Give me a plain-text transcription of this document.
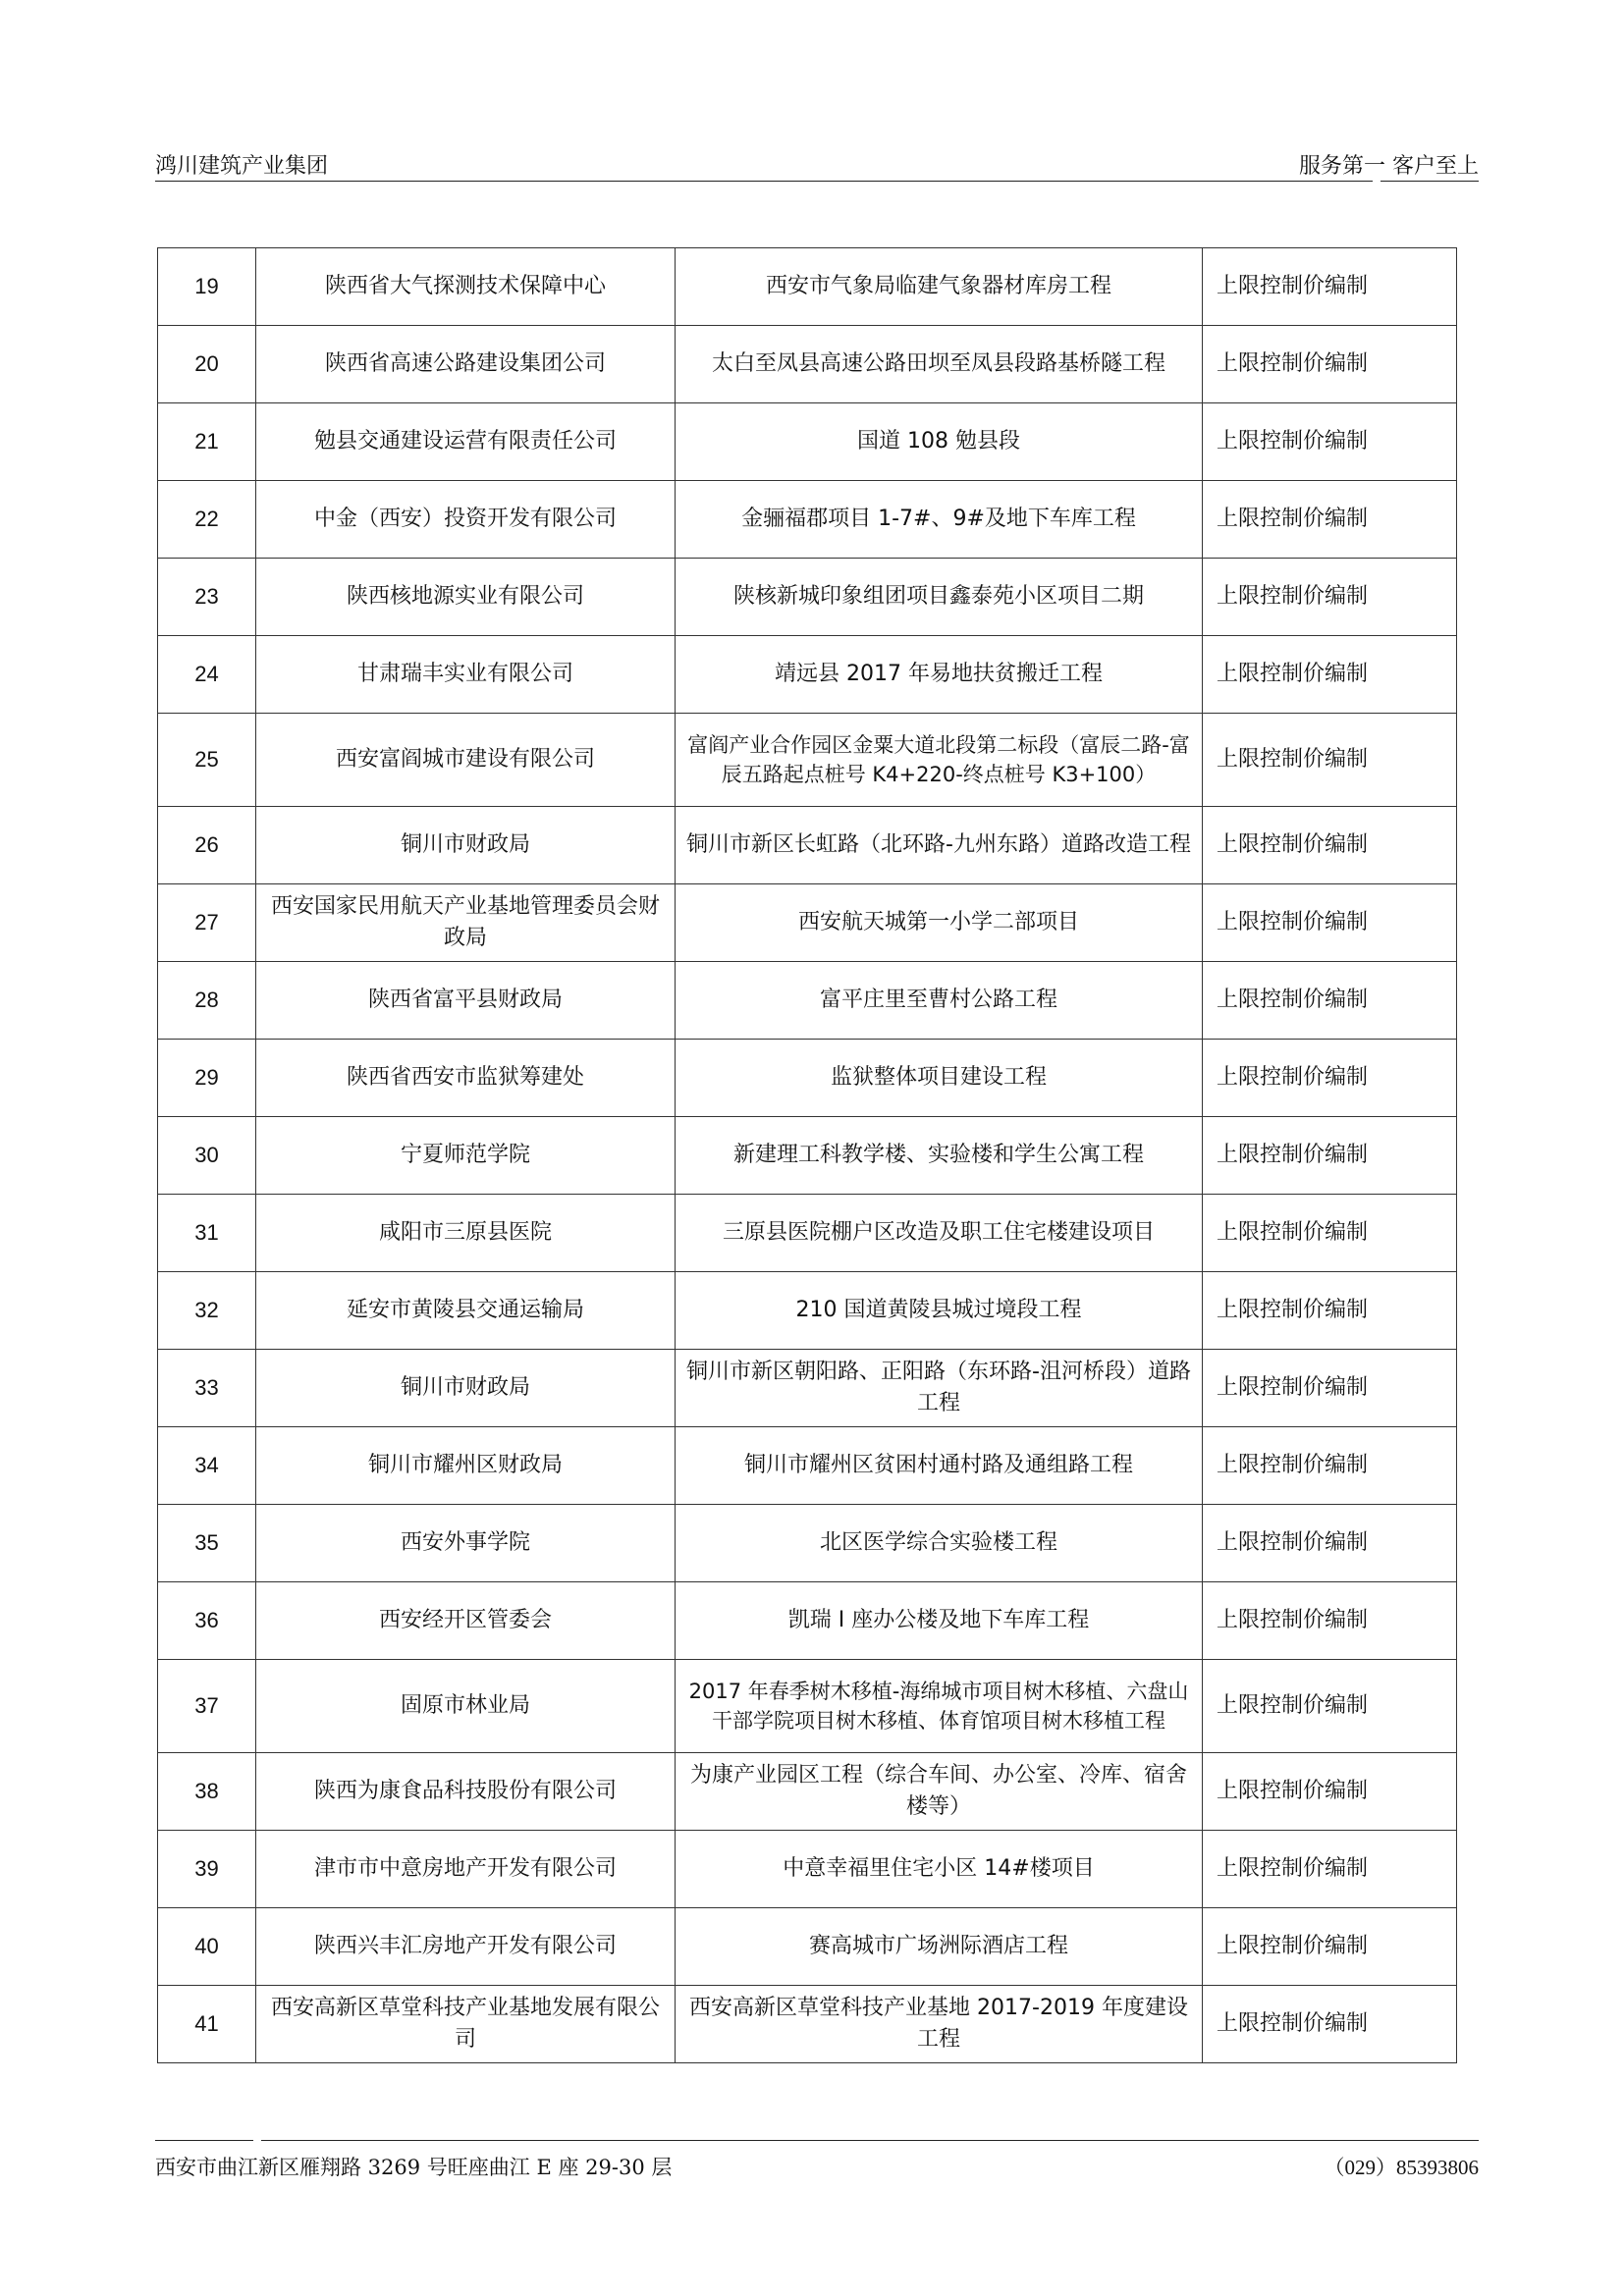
鸿川建筑产业集团	服务第一 客户至上
19	陕西省大气探测技术保障中心	西安市气象局临建气象器材库房工程	上限控制价编制
20	陕西省高速公路建设集团公司	太白至凤县高速公路田坝至凤县段路基桥隧工程	上限控制价编制
21	勉县交通建设运营有限责任公司	国道 108 勉县段	上限控制价编制
22	中金（西安）投资开发有限公司	金骊福郡项目 1-7#、9#及地下车库工程	上限控制价编制
23	陕西核地源实业有限公司	陕核新城印象组团项目鑫泰苑小区项目二期	上限控制价编制
24	甘肃瑞丰实业有限公司	靖远县 2017 年易地扶贫搬迁工程	上限控制价编制
25	西安富阎城市建设有限公司	富阎产业合作园区金粟大道北段第二标段（富辰二路-富辰五路起点桩号 K4+220-终点桩号 K3+100）	上限控制价编制
26	铜川市财政局	铜川市新区长虹路（北环路-九州东路）道路改造工程	上限控制价编制
27	西安国家民用航天产业基地管理委员会财政局	西安航天城第一小学二部项目	上限控制价编制
28	陕西省富平县财政局	富平庄里至曹村公路工程	上限控制价编制
29	陕西省西安市监狱筹建处	监狱整体项目建设工程	上限控制价编制
30	宁夏师范学院	新建理工科教学楼、实验楼和学生公寓工程	上限控制价编制
31	咸阳市三原县医院	三原县医院棚户区改造及职工住宅楼建设项目	上限控制价编制
32	延安市黄陵县交通运输局	210 国道黄陵县城过境段工程	上限控制价编制
33	铜川市财政局	铜川市新区朝阳路、正阳路（东环路-沮河桥段）道路工程	上限控制价编制
34	铜川市耀州区财政局	铜川市耀州区贫困村通村路及通组路工程	上限控制价编制
35	西安外事学院	北区医学综合实验楼工程	上限控制价编制
36	西安经开区管委会	凯瑞 I 座办公楼及地下车库工程	上限控制价编制
37	固原市林业局	2017 年春季树木移植-海绵城市项目树木移植、六盘山干部学院项目树木移植、体育馆项目树木移植工程	上限控制价编制
38	陕西为康食品科技股份有限公司	为康产业园区工程（综合车间、办公室、冷库、宿舍楼等）	上限控制价编制
39	津市市中意房地产开发有限公司	中意幸福里住宅小区 14#楼项目	上限控制价编制
40	陕西兴丰汇房地产开发有限公司	赛高城市广场洲际酒店工程	上限控制价编制
41	西安高新区草堂科技产业基地发展有限公司	西安高新区草堂科技产业基地 2017-2019 年度建设工程	上限控制价编制
西安市曲江新区雁翔路 3269 号旺座曲江 E 座 29-30 层	（029）85393806
